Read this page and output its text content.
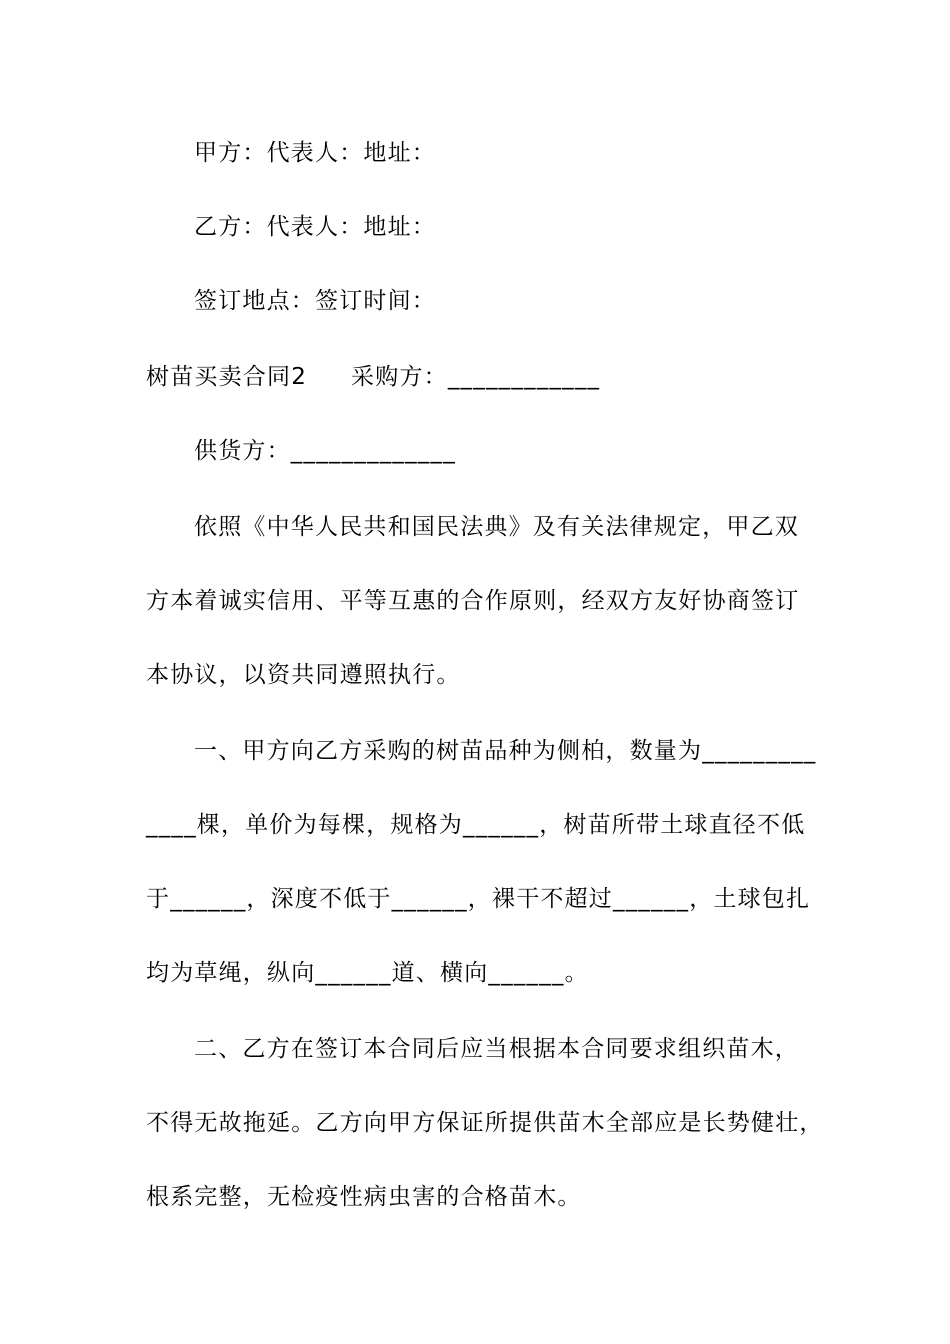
甲方：代表人：地址：

乙方：代表人：地址：

签订地点：签订时间：

树苗买卖合同2 采购方：____________

供货方：_____________

依照《中华人民共和国民法典》及有关法律规定，甲乙双

方本着诚实信用、平等互惠的合作原则，经双方友好协商签订

本协议，以资共同遵照执行。

一、甲方向乙方采购的树苗品种为侧柏，数量为_________

____棵，单价为每棵，规格为______，树苗所带土球直径不低

于______，深度不低于______，裸干不超过______，土球包扎

均为草绳，纵向______道、横向______。

二、乙方在签订本合同后应当根据本合同要求组织苗木，

不得无故拖延。乙方向甲方保证所提供苗木全部应是长势健壮，

根系完整，无检疫性病虫害的合格苗木。
